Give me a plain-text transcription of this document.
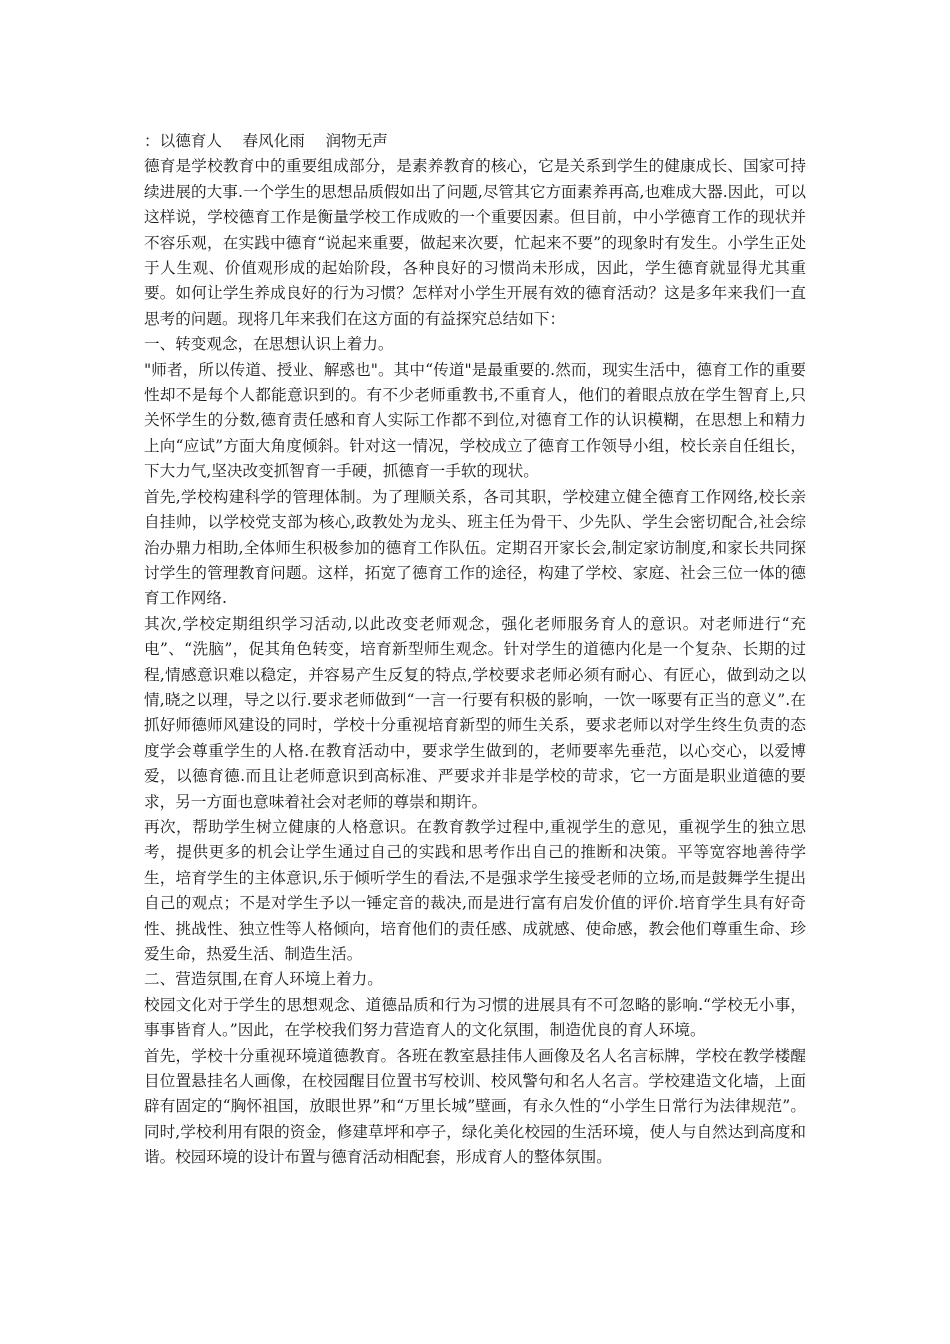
：以德育人　 春风化雨　 润物无声

德育是学校教育中的重要组成部分，是素养教育的核心，它是关系到学生的健康成长、国家可持续进展的大事.一个学生的思想品质假如出了问题,尽管其它方面素养再高,也难成大器.因此，可以这样说，学校德育工作是衡量学校工作成败的一个重要因素。但目前，中小学德育工作的现状并不容乐观，在实践中德育“说起来重要，做起来次要，忙起来不要”的现象时有发生。小学生正处于人生观、价值观形成的起始阶段，各种良好的习惯尚未形成，因此，学生德育就显得尤其重要。如何让学生养成良好的行为习惯？怎样对小学生开展有效的德育活动？这是多年来我们一直思考的问题。现将几年来我们在这方面的有益探究总结如下：

一、转变观念，在思想认识上着力。

"师者，所以传道、授业、解惑也"。其中“传道"是最重要的.然而，现实生活中，德育工作的重要性却不是每个人都能意识到的。有不少老师重教书,不重育人，他们的着眼点放在学生智育上,只关怀学生的分数,德育责任感和育人实际工作都不到位,对德育工作的认识模糊，在思想上和精力上向“应试”方面大角度倾斜。针对这一情况，学校成立了德育工作领导小组，校长亲自任组长，下大力气,坚决改变抓智育一手硬，抓德育一手软的现状。

首先,学校构建科学的管理体制。为了理顺关系，各司其职，学校建立健全德育工作网络,校长亲自挂帅，以学校党支部为核心,政教处为龙头、班主任为骨干、少先队、学生会密切配合,社会综治办鼎力相助,全体师生积极参加的德育工作队伍。定期召开家长会,制定家访制度,和家长共同探讨学生的管理教育问题。这样，拓宽了德育工作的途径，构建了学校、家庭、社会三位一体的德育工作网络.

其次,学校定期组织学习活动,以此改变老师观念，强化老师服务育人的意识。对老师进行“充电”、“洗脑”，促其角色转变，培育新型师生观念。针对学生的道德内化是一个复杂、长期的过程,情感意识难以稳定，并容易产生反复的特点,学校要求老师必须有耐心、有匠心，做到动之以情,晓之以理，导之以行.要求老师做到“一言一行要有积极的影响，一饮一啄要有正当的意义”.在抓好师德师风建设的同时，学校十分重视培育新型的师生关系，要求老师以对学生终生负责的态度学会尊重学生的人格.在教育活动中，要求学生做到的，老师要率先垂范，以心交心，以爱博爱，以德育德.而且让老师意识到高标准、严要求并非是学校的苛求，它一方面是职业道德的要求，另一方面也意味着社会对老师的尊崇和期许。

再次，帮助学生树立健康的人格意识。在教育教学过程中,重视学生的意见，重视学生的独立思考，提供更多的机会让学生通过自己的实践和思考作出自己的推断和决策。平等宽容地善待学生，培育学生的主体意识,乐于倾听学生的看法,不是强求学生接受老师的立场,而是鼓舞学生提出自己的观点；不是对学生予以一锤定音的裁决,而是进行富有启发价值的评价.培育学生具有好奇性、挑战性、独立性等人格倾向，培育他们的责任感、成就感、使命感，教会他们尊重生命、珍爱生命，热爱生活、制造生活。

二、营造氛围,在育人环境上着力。

校园文化对于学生的思想观念、道德品质和行为习惯的进展具有不可忽略的影响.“学校无小事，事事皆育人。”因此，在学校我们努力营造育人的文化氛围，制造优良的育人环境。

首先，学校十分重视环境道德教育。各班在教室悬挂伟人画像及名人名言标牌，学校在教学楼醒目位置悬挂名人画像，在校园醒目位置书写校训、校风警句和名人名言。学校建造文化墙，上面辟有固定的“胸怀祖国，放眼世界”和“万里长城”壁画，有永久性的“小学生日常行为法律规范”。同时,学校利用有限的资金，修建草坪和亭子，绿化美化校园的生活环境，使人与自然达到高度和谐。校园环境的设计布置与德育活动相配套，形成育人的整体氛围。
